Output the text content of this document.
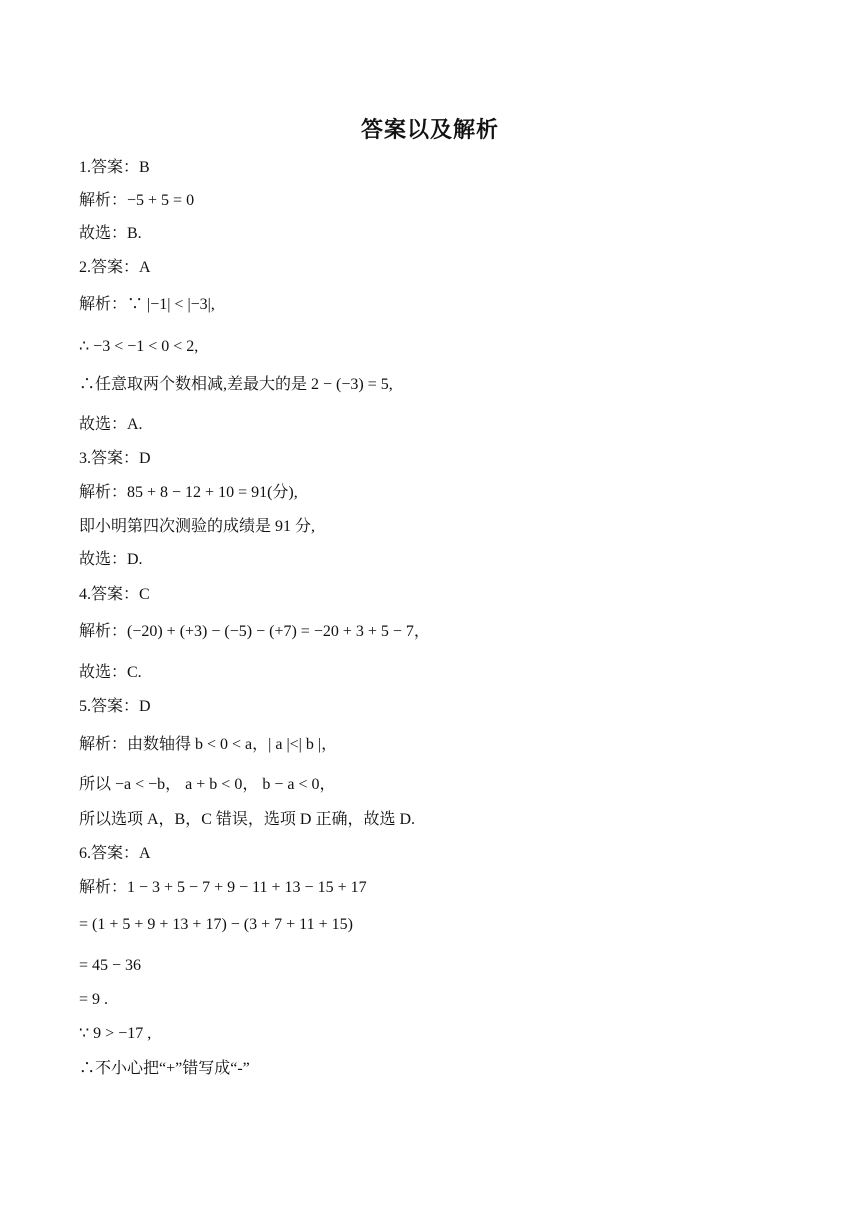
答案以及解析
1.答案：B
解析：−5 + 5 = 0
故选：B.
2.答案：A
解析：∵ |−1| < |−3|,
∴ −3 < −1 < 0 < 2,
∴任意取两个数相减,差最大的是 2 − (−3) = 5,
故选：A.
3.答案：D
解析：85 + 8 − 12 + 10 = 91(分),
即小明第四次测验的成绩是 91 分,
故选：D.
4.答案：C
解析：(−20) + (+3) − (−5) − (+7) = −20 + 3 + 5 − 7，
故选：C.
5.答案：D
解析：由数轴得 b < 0 < a，| a |<| b |，
所以 −a < −b， a + b < 0， b − a < 0，
所以选项 A，B，C 错误，选项 D 正确，故选 D.
6.答案：A
解析：1 − 3 + 5 − 7 + 9 − 11 + 13 − 15 + 17
= (1 + 5 + 9 + 13 + 17) − (3 + 7 + 11 + 15)
= 45 − 36
= 9 .
∵ 9 > −17 ,
∴不小心把“+”错写成“-”
